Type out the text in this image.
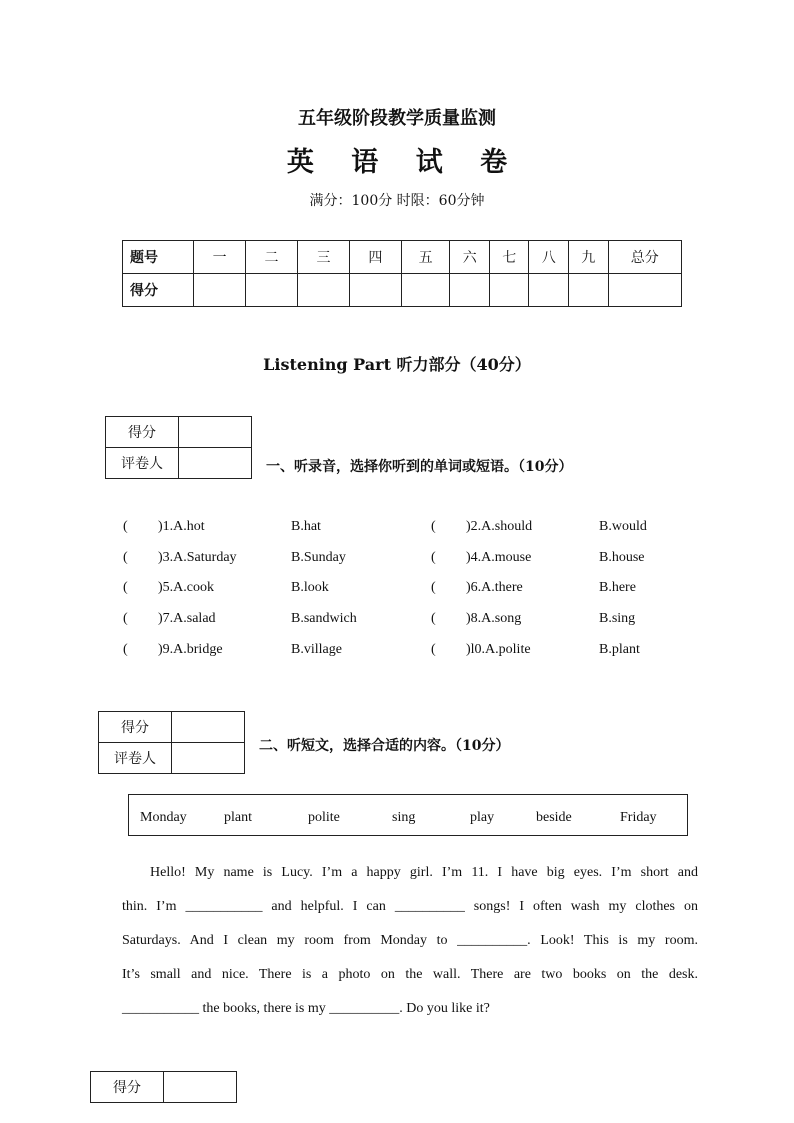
五年级阶段教学质量监测
英 语 试 卷
满分：100分 时限：60分钟
题号	一	二	三	四	五	六	七	八	九	总分
得分										
Listening Part 听力部分（40分）
得分	
评卷人		一、听录音，选择你听到的单词或短语。（10分）
( )1.A.hot	B.hat	( )2.A.should	B.would
( )3.A.Saturday	B.Sunday	( )4.A.mouse	B.house
( )5.A.cook	B.look	( )6.A.there	B.here
( )7.A.salad	B.sandwich	( )8.A.song	B.sing
( )9.A.bridge	B.village	( )l0.A.polite	B.plant
得分	
评卷人	
二、听短文，选择合适的内容。（10分）
Monday	plant	polite	sing	play	beside	Friday
Hello! My name is Lucy. I’m a happy girl. I’m 11. I have big eyes. I’m short and
thin. I’m ___________ and helpful. I can __________ songs! I often wash my clothes on
Saturdays. And I clean my room from Monday to __________. Look! This is my room.
It’s small and nice. There is a photo on the wall. There are two books on the desk.
___________ the books, there is my __________. Do you like it?
得分	
